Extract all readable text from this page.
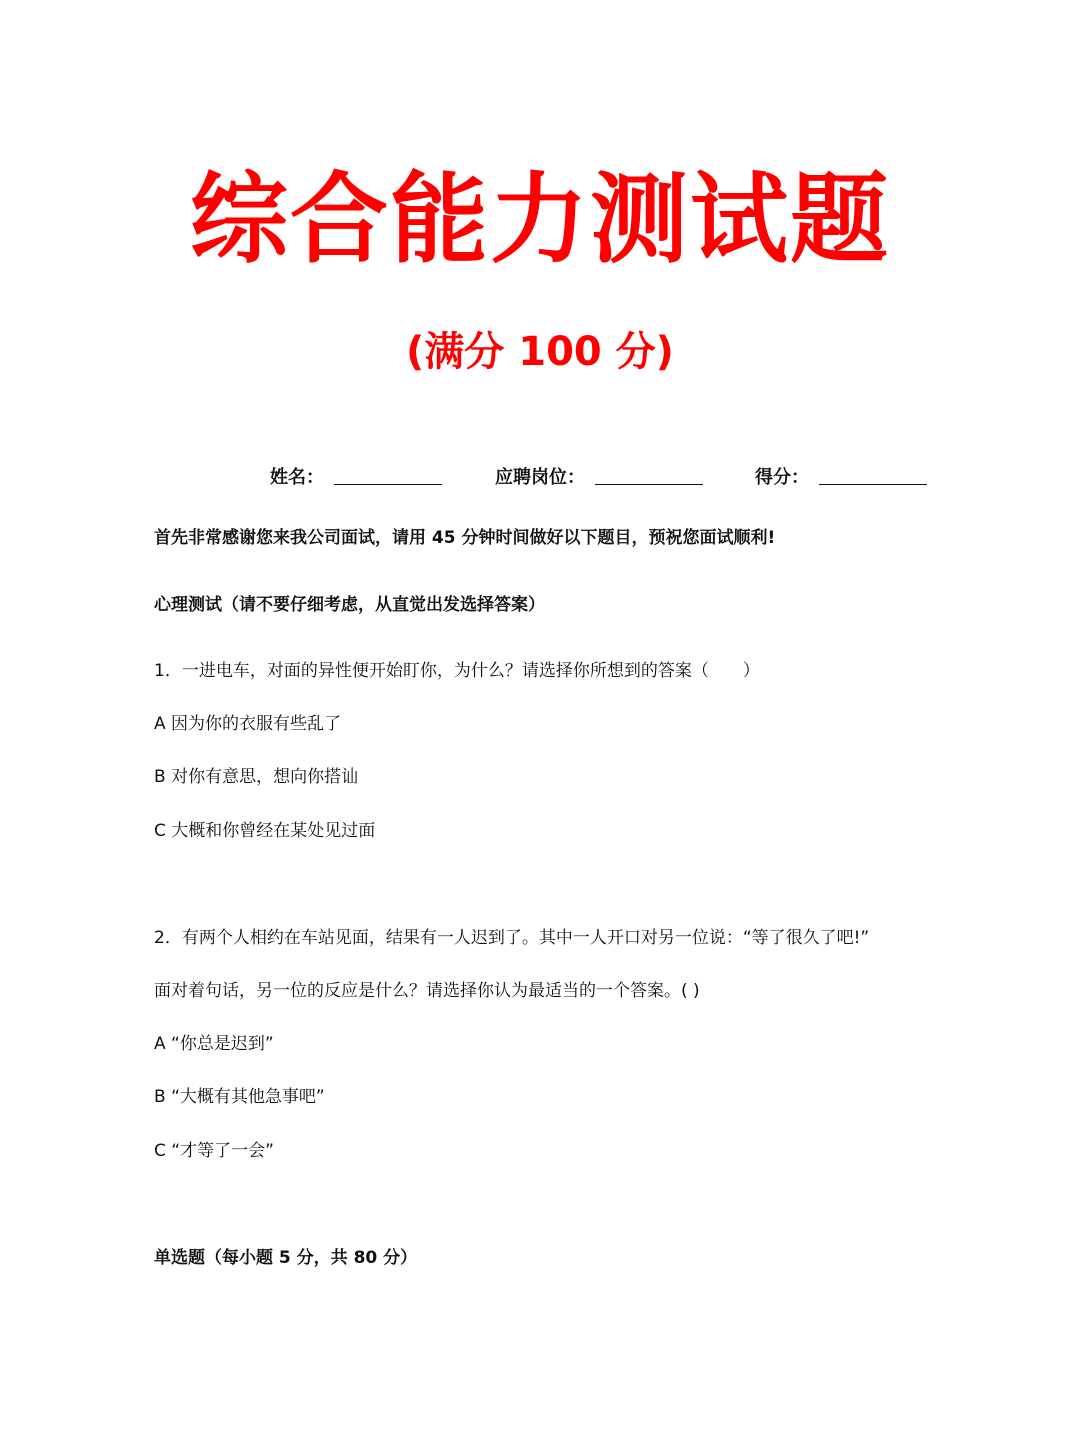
综合能力测试题
(满分 100 分)
姓名：	应聘岗位：	得分：
首先非常感谢您来我公司面试，请用 45 分钟时间做好以下题目，预祝您面试顺利!
心理测试（请不要仔细考虑，从直觉出发选择答案）
1．一进电车，对面的异性便开始盯你，为什么？请选择你所想到的答案（　　）
A 因为你的衣服有些乱了
B 对你有意思，想向你搭讪
C 大概和你曾经在某处见过面
2．有两个人相约在车站见面，结果有一人迟到了。其中一人开口对另一位说：“等了很久了吧!”
面对着句话，另一位的反应是什么？请选择你认为最适当的一个答案。( )
A “你总是迟到”
B “大概有其他急事吧”
C “才等了一会”
单选题（每小题 5 分，共 80 分）
